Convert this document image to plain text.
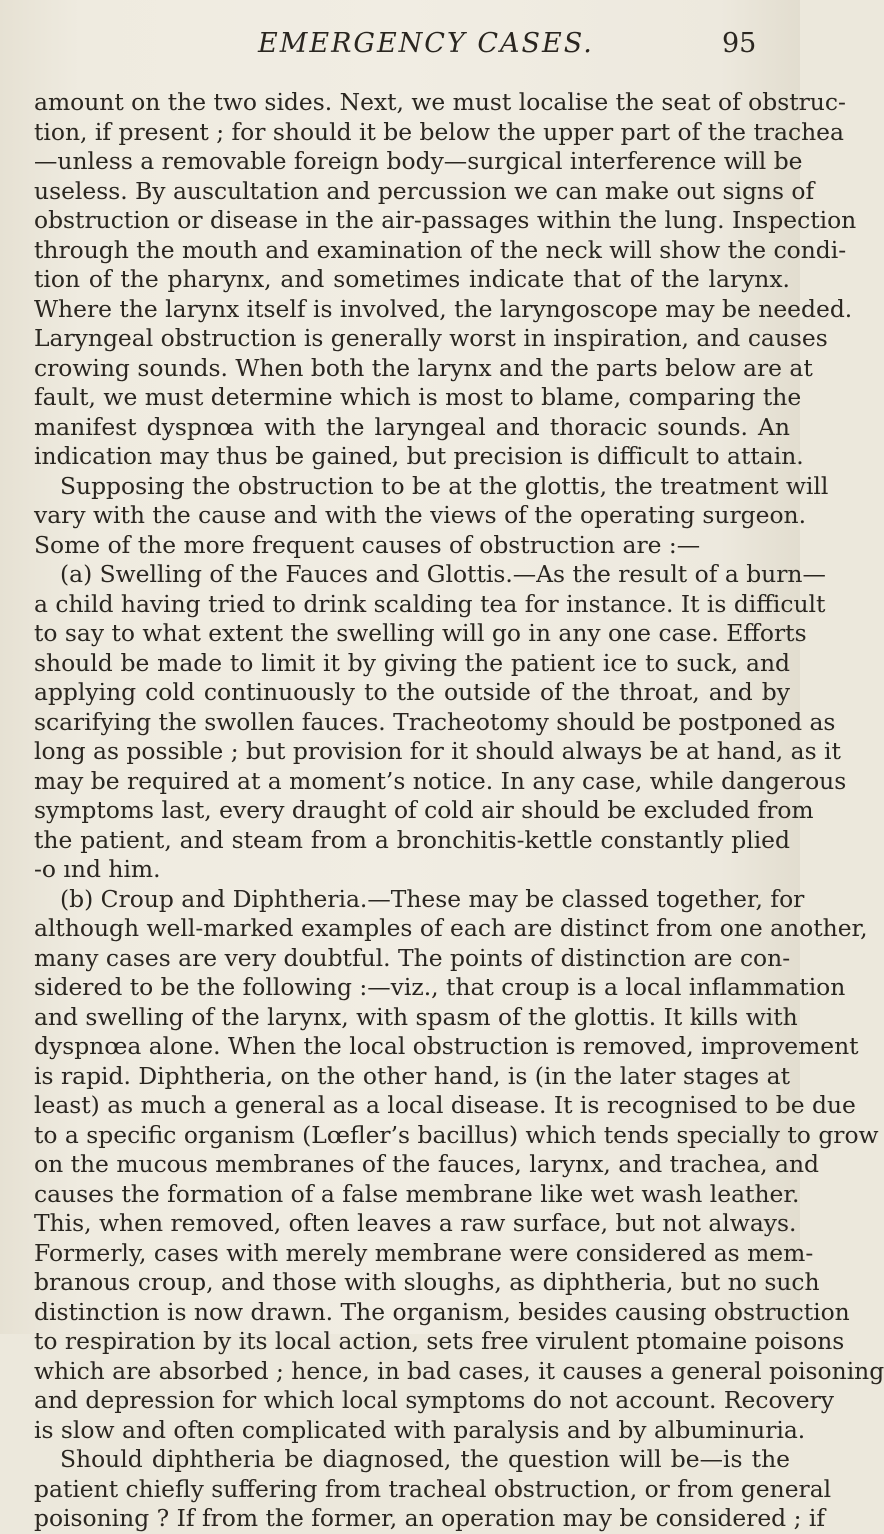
EMERGENCY CASES.	95
amount on the two sides. Next, we must localise the seat of obstruc-
tion, if present ; for should it be below the upper part of the trachea
—unless a removable foreign body—surgical interference will be
useless. By auscultation and percussion we can make out signs of
obstruction or disease in the air-passages within the lung. Inspection
through the mouth and examination of the neck will show the condi-
tion of the pharynx, and sometimes indicate that of the larynx.
Where the larynx itself is involved, the laryngoscope may be needed.
Laryngeal obstruction is generally worst in inspiration, and causes
crowing sounds. When both the larynx and the parts below are at
fault, we must determine which is most to blame, comparing the
manifest dyspnœa with the laryngeal and thoracic sounds. An
indication may thus be gained, but precision is difficult to attain.
Supposing the obstruction to be at the glottis, the treatment will
vary with the cause and with the views of the operating surgeon.
Some of the more frequent causes of obstruction are :—
(a) Swelling of the Fauces and Glottis.—As the result of a burn—
a child having tried to drink scalding tea for instance. It is difficult
to say to what extent the swelling will go in any one case. Efforts
should be made to limit it by giving the patient ice to suck, and
applying cold continuously to the outside of the throat, and by
scarifying the swollen fauces. Tracheotomy should be postponed as
long as possible ; but provision for it should always be at hand, as it
may be required at a moment’s notice. In any case, while dangerous
symptoms last, every draught of cold air should be excluded from
the patient, and steam from a bronchitis-kettle constantly plied
-o ınd him.
(b) Croup and Diphtheria.—These may be classed together, for
although well-marked examples of each are distinct from one another,
many cases are very doubtful. The points of distinction are con-
sidered to be the following :—viz., that croup is a local inflammation
and swelling of the larynx, with spasm of the glottis. It kills with
dyspnœa alone. When the local obstruction is removed, improvement
is rapid. Diphtheria, on the other hand, is (in the later stages at
least) as much a general as a local disease. It is recognised to be due
to a specific organism (Lœfler’s bacillus) which tends specially to grow
on the mucous membranes of the fauces, larynx, and trachea, and
causes the formation of a false membrane like wet wash leather.
This, when removed, often leaves a raw surface, but not always.
Formerly, cases with merely membrane were considered as mem-
branous croup, and those with sloughs, as diphtheria, but no such
distinction is now drawn. The organism, besides causing obstruction
to respiration by its local action, sets free virulent ptomaine poisons
which are absorbed ; hence, in bad cases, it causes a general poisoning
and depression for which local symptoms do not account. Recovery
is slow and often complicated with paralysis and by albuminuria.
Should diphtheria be diagnosed, the question will be—is the
patient chiefly suffering from tracheal obstruction, or from general
poisoning ? If from the former, an operation may be considered ; if
